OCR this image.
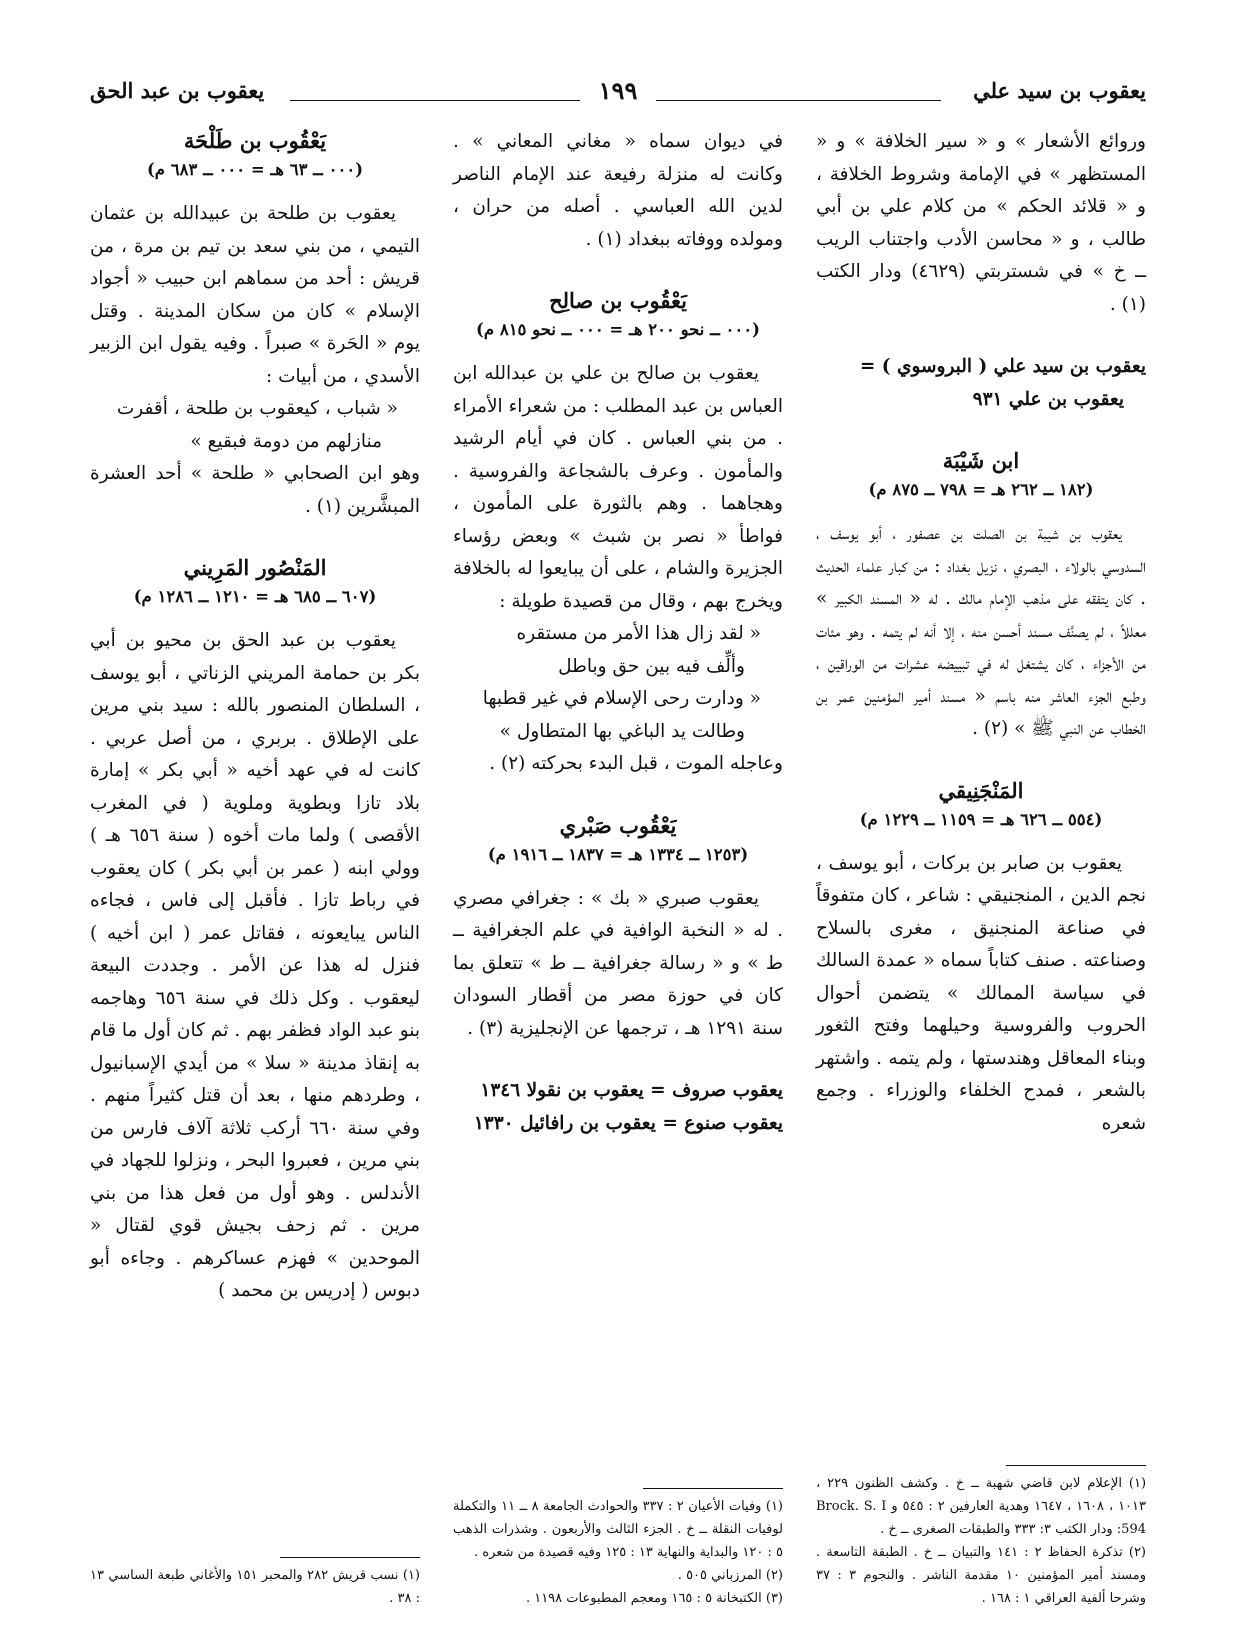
يعقوب بن سيد علي
١٩٩
يعقوب بن عبد الحق

وروائع الأشعار » و « سير الخلافة » و « المستظهر » في الإمامة وشروط الخلافة ، و « قلائد الحكم » من كلام علي بن أبي طالب ، و « محاسن الأدب واجتناب الريب ــ خ » في شستربتي (٤٦٢٩) ودار الكتب (١) .

يعقوب بن سيد علي ( البروسوي ) =

يعقوب بن علي ٩٣١

ابن شَيْبَة

(١٨٢ ــ ٢٦٢ هـ = ٧٩٨ ــ ٨٧٥ م)

يعقوب بن شيبة بن الصلت بن عصفور ، أبو يوسف ، السدوسي بالولاء ، البصري ، نزيل بغداد : من كبار علماء الحديث . كان يتفقه على مذهب الإمام مالك . له « المسند الكبير » معللاً ، لم يصنَّف مسند أحسن منه ، إلا أنه لم يتمه . وهو مئات من الأجزاء ، كان يشتغل له في تبييضه عشرات من الوراقين ، وطبع الجزء العاشر منه باسم « مسند أمير المؤمنين عمر بن الخطاب عن النبي ﷺ » (٢) .

المَنْجَنِيقي

(٥٥٤ ــ ٦٢٦ هـ = ١١٥٩ ــ ١٢٢٩ م)

يعقوب بن صابر بن بركات ، أبو يوسف ، نجم الدين ، المنجنيقي : شاعر ، كان متفوقاً في صناعة المنجنيق ، مغرى بالسلاح وصناعته . صنف كتاباً سماه « عمدة السالك في سياسة الممالك » يتضمن أحوال الحروب والفروسية وحيلهما وفتح الثغور وبناء المعاقل وهندستها ، ولم يتمه . واشتهر بالشعر ، فمدح الخلفاء والوزراء . وجمع شعره

(١) الإعلام لابن قاضي شهبة ــ خ . وكشف الظنون ٢٢٩ ، ١٠١٣ ، ١٦٠٨ ، ١٦٤٧ وهدية العارفين ٢ : ٥٤٥ و Brock. S. I :594 ودار الكتب ٣: ٣٣٣ والطبقات الصغرى ــ خ .

(٢) تذكرة الحفاظ ٢ : ١٤١ والتبيان ــ خ . الطبقة التاسعة . ومسند أمير المؤمنين ١٠ مقدمة الناشر . والنجوم ٣ : ٣٧ وشرحا ألفية العراقي ١ : ١٦٨ .

في ديوان سماه « مغاني المعاني » . وكانت له منزلة رفيعة عند الإمام الناصر لدين الله العباسي . أصله من حران ، ومولده ووفاته ببغداد (١) .

يَعْقُوب بن صالِح

(٠٠٠ ــ نحو ٢٠٠ هـ = ٠٠٠ ــ نحو ٨١٥ م)

يعقوب بن صالح بن علي بن عبدالله ابن العباس بن عبد المطلب : من شعراء الأمراء . من بني العباس . كان في أيام الرشيد والمأمون . وعرف بالشجاعة والفروسية . وهجاهما . وهم بالثورة على المأمون ، فواطأ « نصر بن شبث » وبعض رؤساء الجزيرة والشام ، على أن يبايعوا له بالخلافة ويخرج بهم ، وقال من قصيدة طويلة :

« لقد زال هذا الأمر من مستقره

وألِّف فيه بين حق وباطل

« ودارت رحى الإسلام في غير قطبها

وطالت يد الباغي بها المتطاول »

وعاجله الموت ، قبل البدء بحركته (٢) .

يَعْقُوب صَبْري

(١٢٥٣ ــ ١٣٣٤ هـ = ١٨٣٧ ــ ١٩١٦ م)

يعقوب صبري « بك » : جغرافي مصري . له « النخبة الوافية في علم الجغرافية ــ ط » و « رسالة جغرافية ــ ط » تتعلق بما كان في حوزة مصر من أقطار السودان سنة ١٢٩١ هـ ، ترجمها عن الإنجليزية (٣) .

يعقوب صروف = يعقوب بن نقولا ١٣٤٦

يعقوب صنوع = يعقوب بن رافائيل ١٣٣٠

(١) وفيات الأعيان ٢ : ٣٣٧ والحوادث الجامعة ٨ ــ ١١ والتكملة لوفيات النقلة ــ خ . الجزء الثالث والأربعون . وشذرات الذهب ٥ : ١٢٠ والبداية والنهاية ١٣ : ١٢٥ وفيه قصيدة من شعره .

(٢) المرزباني ٥٠٥ .

(٣) الكتبخانة ٥ : ١٦٥ ومعجم المطبوعات ١١٩٨ .

يَعْقُوب بن طَلْحَة

(٠٠٠ ــ ٦٣ هـ = ٠٠٠ ــ ٦٨٣ م)

يعقوب بن طلحة بن عبيدالله بن عثمان التيمي ، من بني سعد بن تيم بن مرة ، من قريش : أحد من سماهم ابن حبيب « أجواد الإسلام » كان من سكان المدينة . وقتل يوم « الحَرة » صبراً . وفيه يقول ابن الزبير الأسدي ، من أبيات :

« شباب ، كيعقوب بن طلحة ، أقفرت

منازلهم من دومة فبقيع »

وهو ابن الصحابي « طلحة » أحد العشرة المبشَّرين (١) .

المَنْصُور المَرِيني

(٦٠٧ ــ ٦٨٥ هـ = ١٢١٠ ــ ١٢٨٦ م)

يعقوب بن عبد الحق بن محيو بن أبي بكر بن حمامة المريني الزناتي ، أبو يوسف ، السلطان المنصور بالله : سيد بني مرين على الإطلاق . بربري ، من أصل عربي . كانت له في عهد أخيه « أبي بكر » إمارة بلاد تازا وبطوية وملوية ( في المغرب الأقصى ) ولما مات أخوه ( سنة ٦٥٦ هـ ) وولي ابنه ( عمر بن أبي بكر ) كان يعقوب في رباط تازا . فأقبل إلى فاس ، فجاءه الناس يبايعونه ، فقاتل عمر ( ابن أخيه ) فنزل له هذا عن الأمر . وجددت البيعة ليعقوب . وكل ذلك في سنة ٦٥٦ وهاجمه بنو عبد الواد فظفر بهم . ثم كان أول ما قام به إنقاذ مدينة « سلا » من أيدي الإسبانيول ، وطردهم منها ، بعد أن قتل كثيراً منهم . وفي سنة ٦٦٠ أركب ثلاثة آلاف فارس من بني مرين ، فعبروا البحر ، ونزلوا للجهاد في الأندلس . وهو أول من فعل هذا من بني مرين . ثم زحف بجيش قوي لقتال « الموحدين » فهزم عساكرهم . وجاءه أبو دبوس ( إدريس بن محمد )

(١) نسب قريش ٢٨٢ والمحبر ١٥١ والأغاني طبعة الساسي ١٣ : ٣٨ .
